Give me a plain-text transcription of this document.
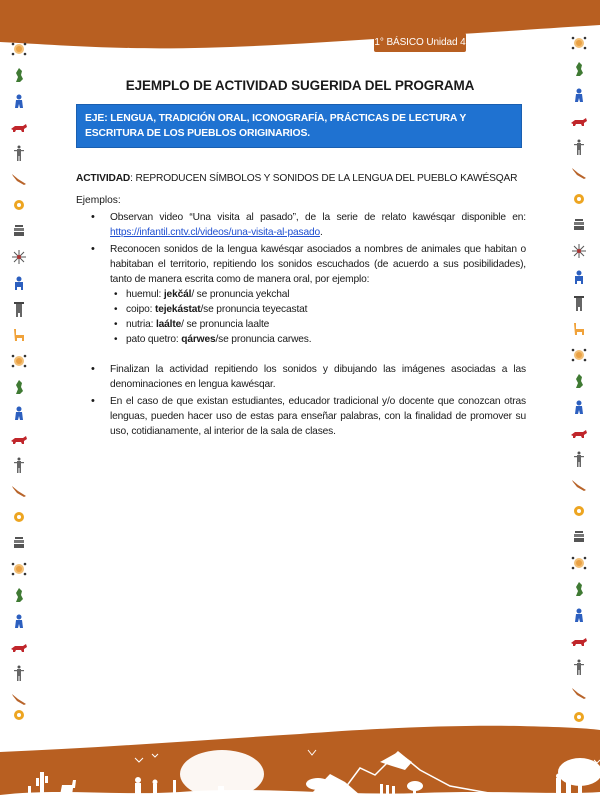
1° BÁSICO Unidad 4
EJEMPLO DE ACTIVIDAD SUGERIDA DEL PROGRAMA
EJE: LENGUA, TRADICIÓN ORAL, ICONOGRAFÍA, PRÁCTICAS DE LECTURA Y ESCRITURA DE LOS PUEBLOS ORIGINARIOS.
ACTIVIDAD: REPRODUCEN SÍMBOLOS Y SONIDOS DE LA LENGUA DEL PUEBLO KAWÉSQAR
Ejemplos:
• Observan video “Una visita al pasado”, de la serie de relato kawésqar disponible en: https://infantil.cntv.cl/videos/una-visita-al-pasado.
• Reconocen sonidos de la lengua kawésqar asociados a nombres de animales que habitan o habitaban el territorio, repitiendo los sonidos escuchados (de acuerdo a sus posibilidades), tanto de manera escrita como de manera oral, por ejemplo:
• huemul: jekčál/ se pronuncia yekchal
• coipo: tejekástat/se pronuncia teyecastat
• nutria: laálte/ se pronuncia laalte
• pato quetro: qárwes/se pronuncia carwes.
• Finalizan la actividad repitiendo los sonidos y dibujando las imágenes asociadas a las denominaciones en lengua kawésqar.
• En el caso de que existan estudiantes, educador tradicional y/o docente que conozcan otras lenguas, pueden hacer uso de estas para enseñar palabras, con la finalidad de promover su uso, cotidianamente, al interior de la sala de clases.
